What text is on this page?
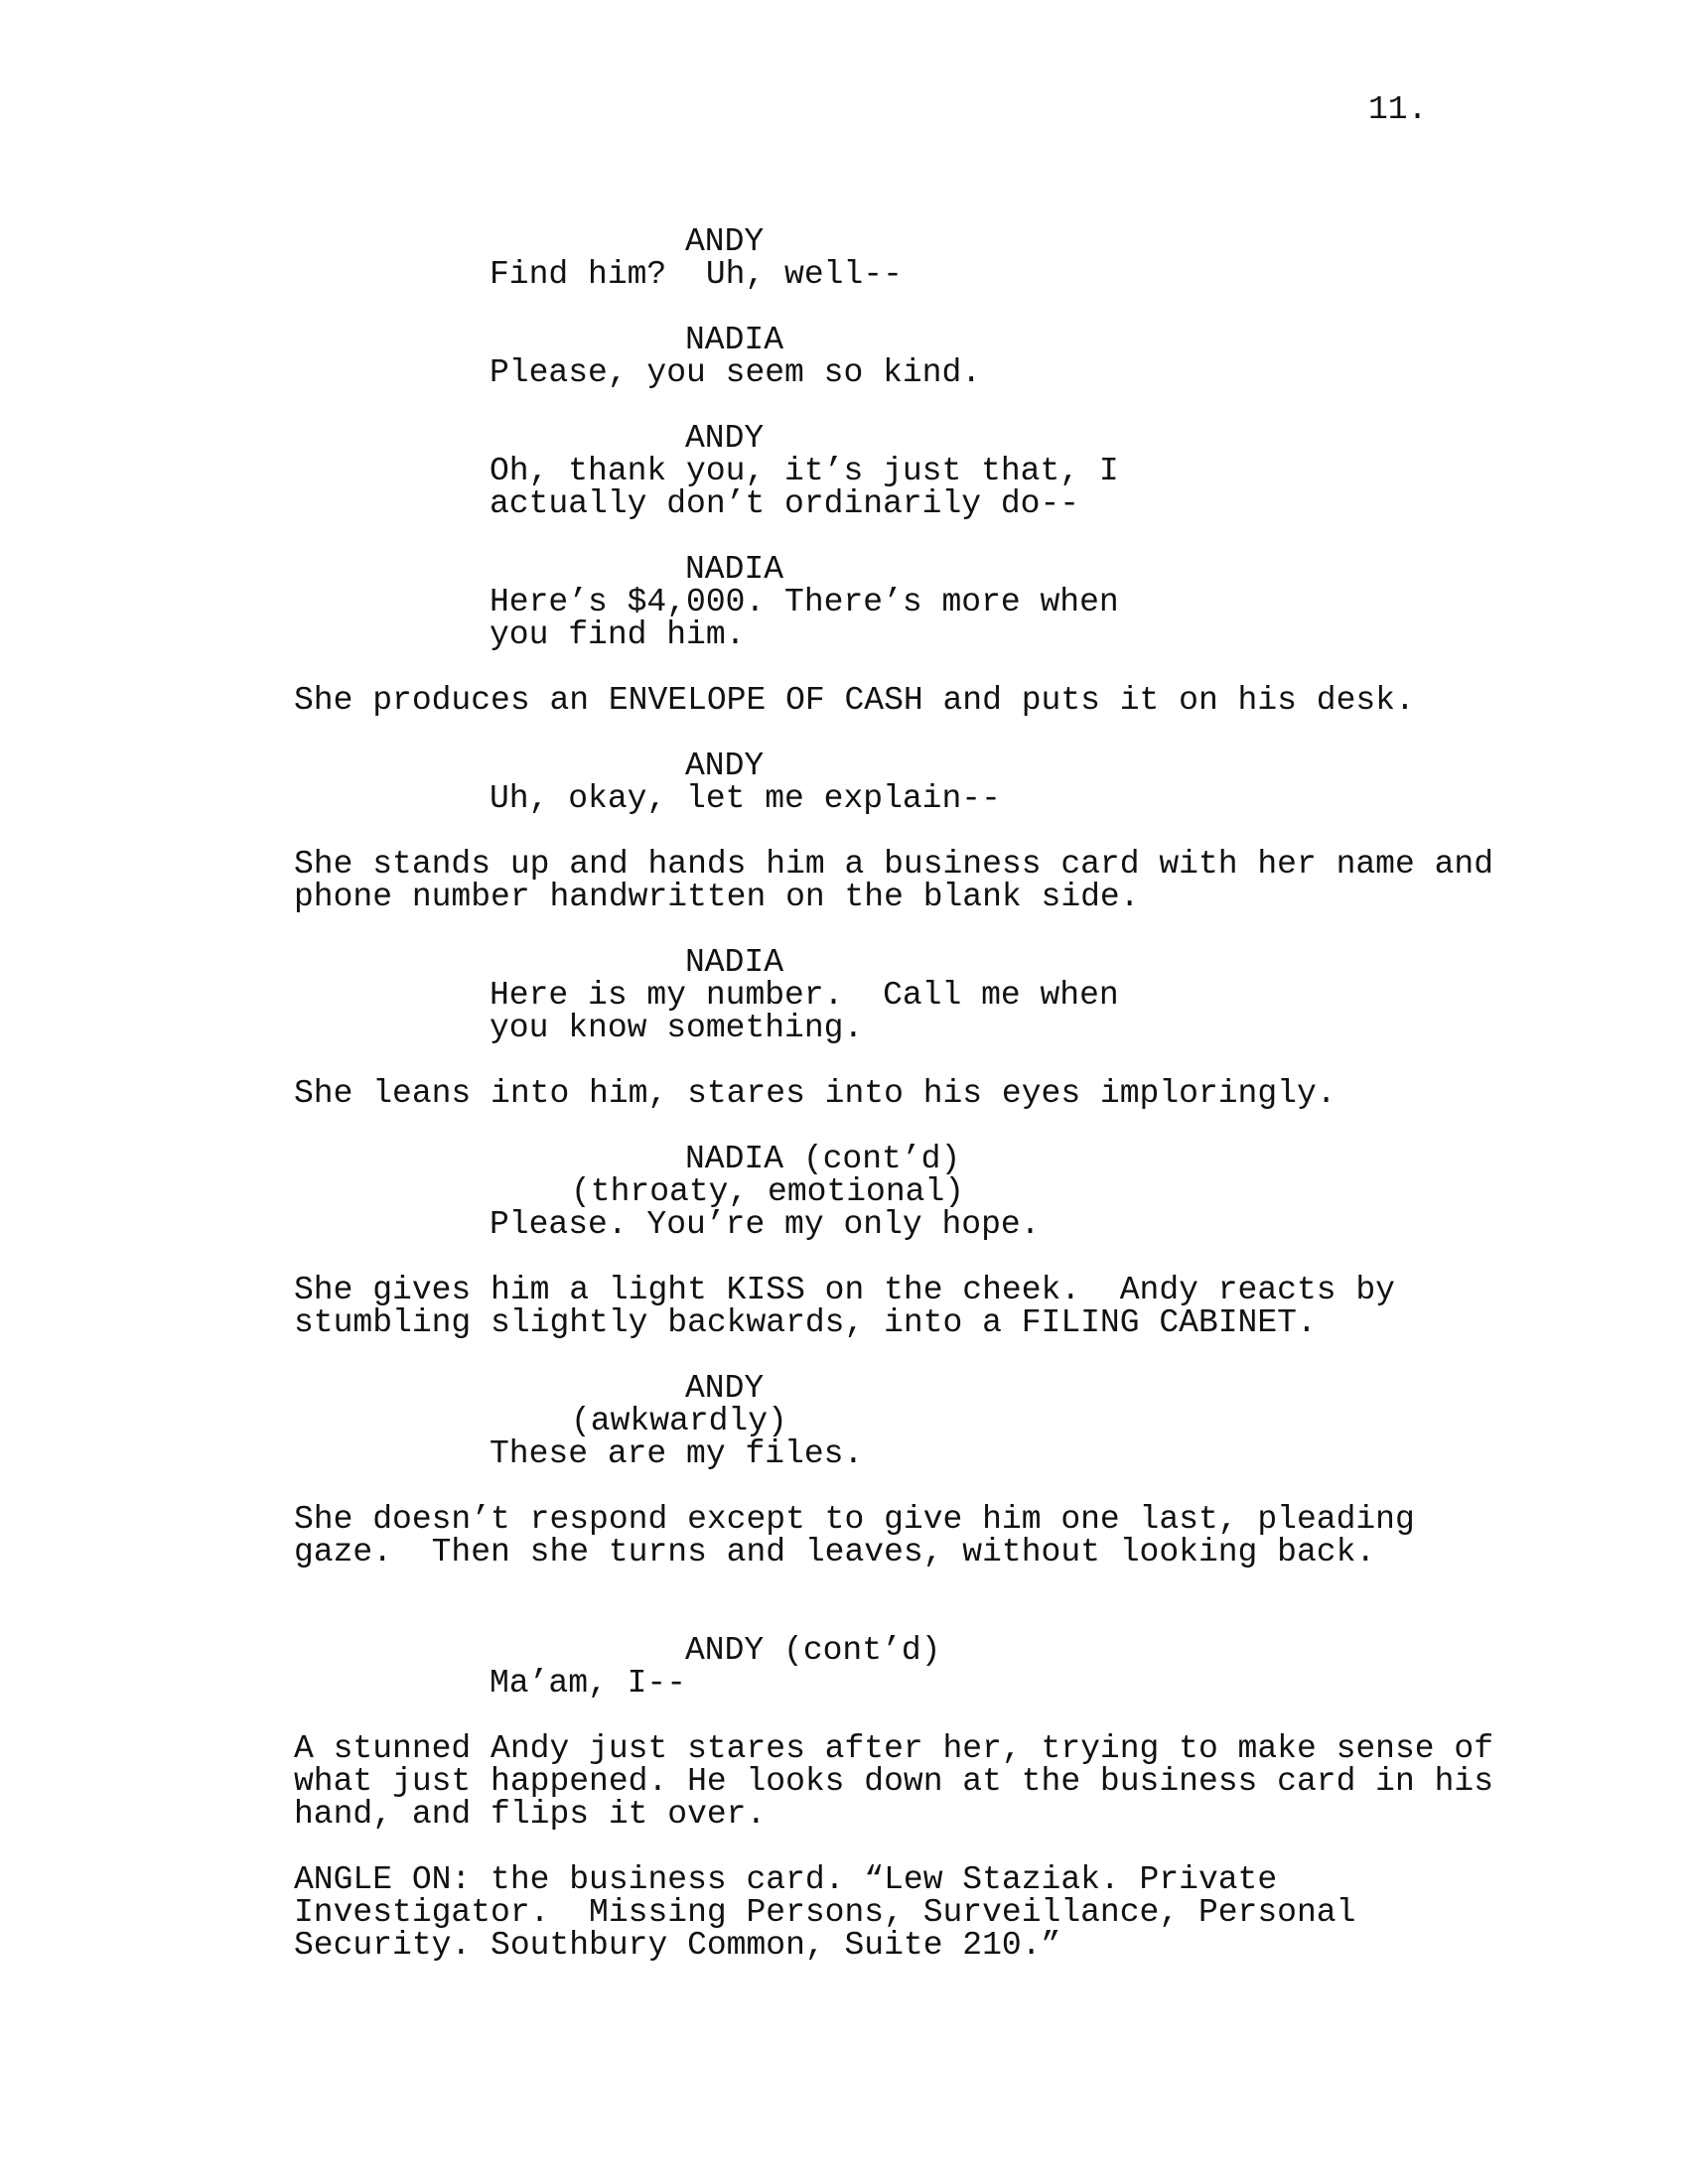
11.
ANDY
Find him?  Uh, well--
NADIA
Please, you seem so kind.
ANDY
Oh, thank you, it’s just that, I
actually don’t ordinarily do--
NADIA
Here’s $4,000. There’s more when
you find him.
She produces an ENVELOPE OF CASH and puts it on his desk.
ANDY
Uh, okay, let me explain--
She stands up and hands him a business card with her name and
phone number handwritten on the blank side.
NADIA
Here is my number.  Call me when
you know something.
She leans into him, stares into his eyes imploringly.
NADIA (cont’d)
(throaty, emotional)
Please. You’re my only hope.
She gives him a light KISS on the cheek.  Andy reacts by
stumbling slightly backwards, into a FILING CABINET.
ANDY
(awkwardly)
These are my files.
She doesn’t respond except to give him one last, pleading
gaze.  Then she turns and leaves, without looking back.
ANDY (cont’d)
Ma’am, I--
A stunned Andy just stares after her, trying to make sense of
what just happened. He looks down at the business card in his
hand, and flips it over.
ANGLE ON: the business card. “Lew Staziak. Private
Investigator.  Missing Persons, Surveillance, Personal
Security. Southbury Common, Suite 210.”
